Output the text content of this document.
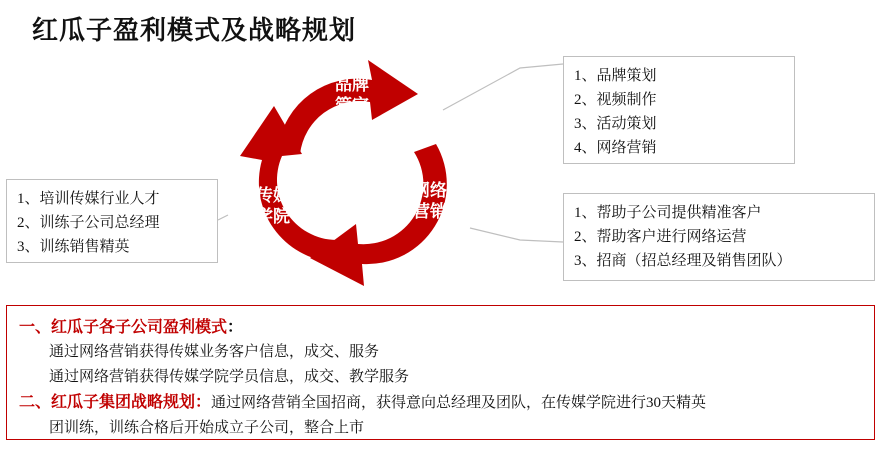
红瓜子盈利模式及战略规划
品牌
管家
传媒
学院
网络
营销
1、品牌策划
2、视频制作
3、活动策划
4、网络营销
1、培训传媒行业人才
2、训练子公司总经理
3、训练销售精英
1、帮助子公司提供精准客户
2、帮助客户进行网络运营
3、招商（招总经理及销售团队）
一、红瓜子各子公司盈利模式：
通过网络营销获得传媒业务客户信息，成交、服务
通过网络营销获得传媒学院学员信息，成交、教学服务
二、红瓜子集团战略规划：通过网络营销全国招商，获得意向总经理及团队，在传媒学院进行30天精英
团训练，训练合格后开始成立子公司，整合上市
